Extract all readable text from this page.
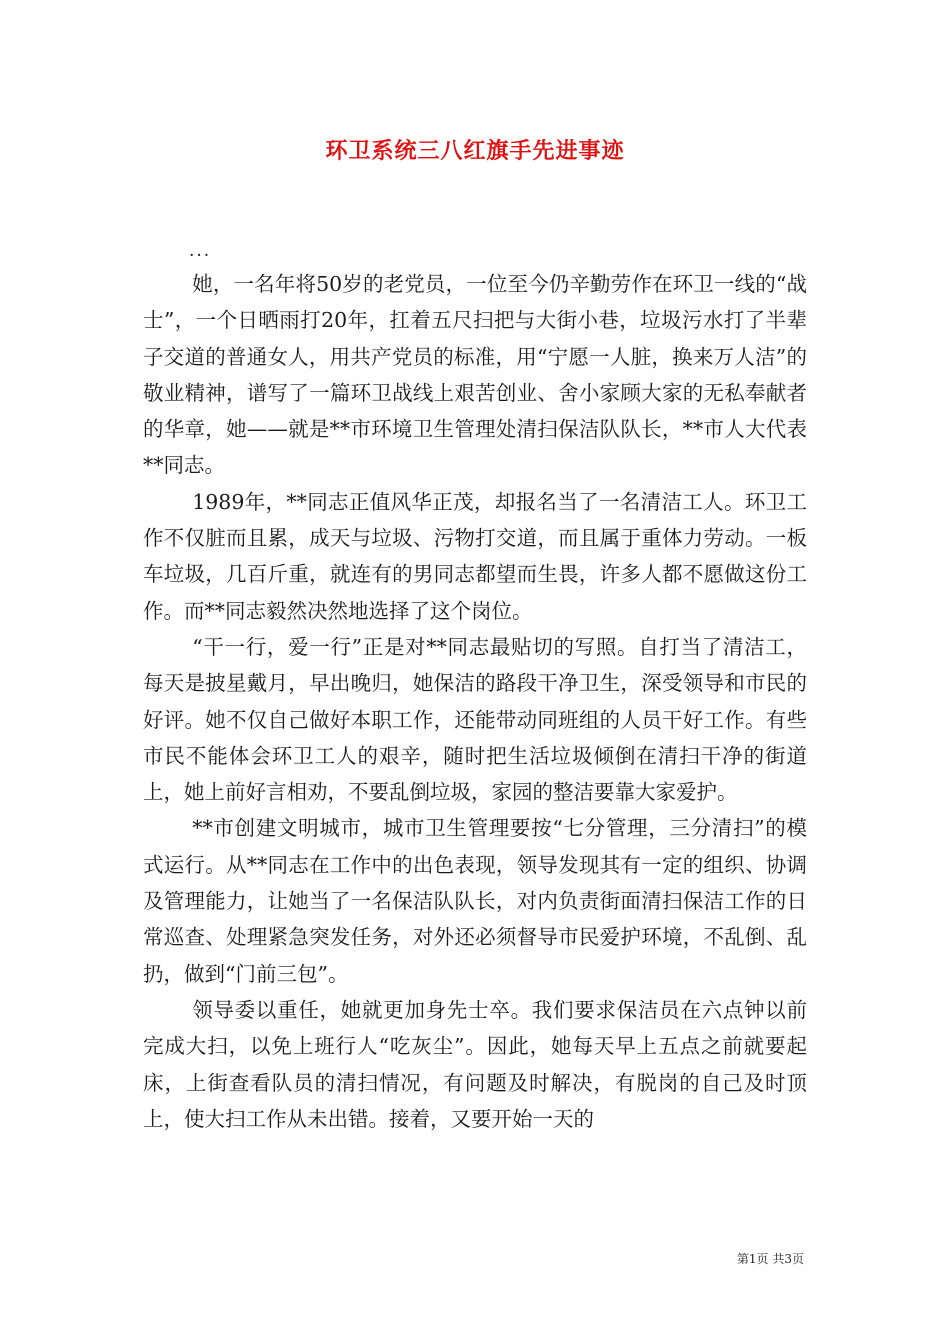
环卫系统三八红旗手先进事迹
...

她，一名年将50岁的老党员，一位至今仍辛勤劳作在环卫一线的“战士”，一个日晒雨打20年，扛着五尺扫把与大街小巷，垃圾污水打了半辈子交道的普通女人，用共产党员的标准，用“宁愿一人脏，换来万人洁”的敬业精神，谱写了一篇环卫战线上艰苦创业、舍小家顾大家的无私奉献者的华章，她——就是**市环境卫生管理处清扫保洁队队长，**市人大代表**同志。

1989年，**同志正值风华正茂，却报名当了一名清洁工人。环卫工作不仅脏而且累，成天与垃圾、污物打交道，而且属于重体力劳动。一板车垃圾，几百斤重，就连有的男同志都望而生畏，许多人都不愿做这份工作。而**同志毅然决然地选择了这个岗位。

“干一行，爱一行”正是对**同志最贴切的写照。自打当了清洁工，每天是披星戴月，早出晚归，她保洁的路段干净卫生，深受领导和市民的好评。她不仅自己做好本职工作，还能带动同班组的人员干好工作。有些市民不能体会环卫工人的艰辛，随时把生活垃圾倾倒在清扫干净的街道上，她上前好言相劝，不要乱倒垃圾，家园的整洁要靠大家爱护。

**市创建文明城市，城市卫生管理要按“七分管理，三分清扫”的模式运行。从**同志在工作中的出色表现，领导发现其有一定的组织、协调及管理能力，让她当了一名保洁队队长，对内负责街面清扫保洁工作的日常巡查、处理紧急突发任务，对外还必须督导市民爱护环境，不乱倒、乱扔，做到“门前三包”。

领导委以重任，她就更加身先士卒。我们要求保洁员在六点钟以前完成大扫，以免上班行人“吃灰尘”。因此，她每天早上五点之前就要起床，上街查看队员的清扫情况，有问题及时解决，有脱岗的自己及时顶上，使大扫工作从未出错。接着，又要开始一天的

第1页 共3页
